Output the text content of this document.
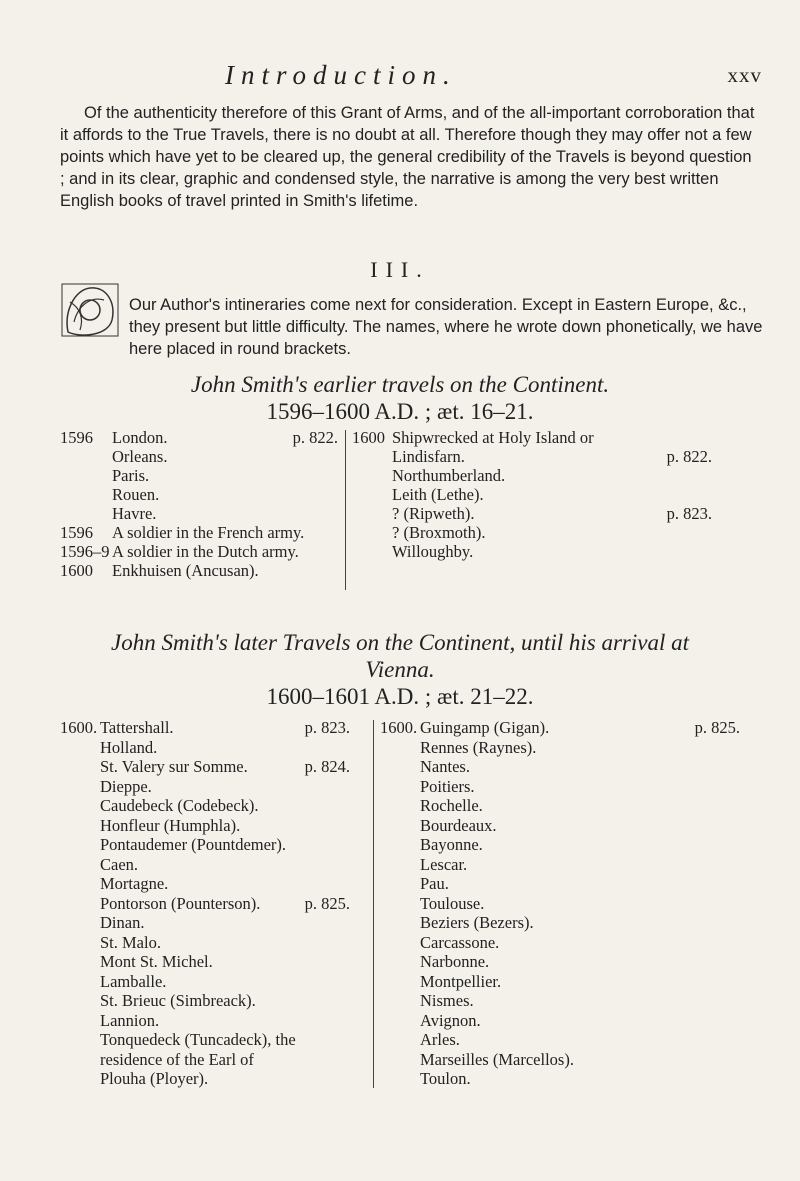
Introduction.	xxv
Of the authenticity therefore of this Grant of Arms, and of the all-important corroboration that it affords to the True Travels, there is no doubt at all. Therefore though they may offer not a few points which have yet to be cleared up, the general credibility of the Travels is beyond question ; and in its clear, graphic and condensed style, the narrative is among the very best written English books of travel printed in Smith's lifetime.
III.
Our Author's intineraries come next for consideration. Except in Eastern Europe, &c., they present but little difficulty. The names, where he wrote down phonetically, we have here placed in round brackets.
John Smith's earlier travels on the Continent.
1596–1600 A.D. ; æt. 16–21.
1596 London.	p. 822.
Orleans.
Paris.
Rouen.
Havre.
1596 A soldier in the French army.
1596–9 A soldier in the Dutch army.
1600 Enkhuisen (Ancusan).
1600 Shipwrecked at Holy Island or
Lindisfarn.	p. 822.
Northumberland.
Leith (Lethe).
? (Ripweth).	p. 823.
? (Broxmoth).
Willoughby.
John Smith's later Travels on the Continent, until his arrival at
Vienna.
1600–1601 A.D. ; æt. 21–22.
1600. Tattershall.	p. 823.
Holland.
St. Valery sur Somme.	p. 824.
Dieppe.
Caudebeck (Codebeck).
Honfleur (Humphla).
Pontaudemer (Pountdemer).
Caen.
Mortagne.
Pontorson (Pounterson).	p. 825.
Dinan.
St. Malo.
Mont St. Michel.
Lamballe.
St. Brieuc (Simbreack).
Lannion.
Tonquedeck (Tuncadeck), the
residence of the Earl of
Plouha (Ployer).
1600. Guingamp (Gigan).	p. 825.
Rennes (Raynes).
Nantes.
Poitiers.
Rochelle.
Bourdeaux.
Bayonne.
Lescar.
Pau.
Toulouse.
Beziers (Bezers).
Carcassone.
Narbonne.
Montpellier.
Nismes.
Avignon.
Arles.
Marseilles (Marcellos).
Toulon.
